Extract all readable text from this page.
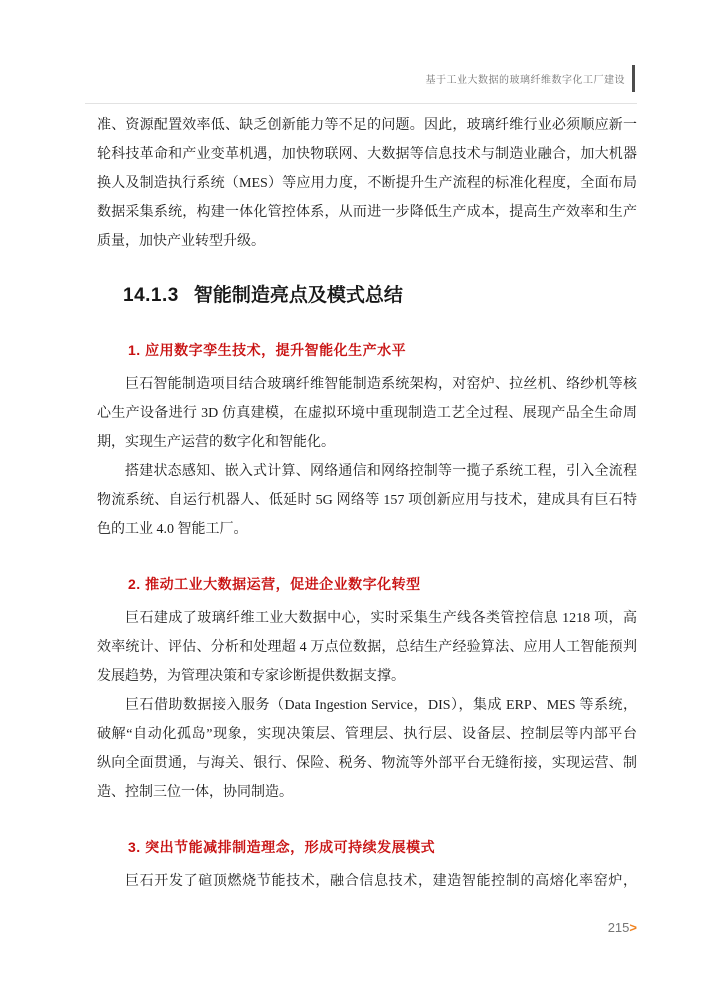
基于工业大数据的玻璃纤维数字化工厂建设
准、资源配置效率低、缺乏创新能力等不足的问题。因此，玻璃纤维行业必须顺应新一
轮科技革命和产业变革机遇，加快物联网、大数据等信息技术与制造业融合，加大机器
换人及制造执行系统（MES）等应用力度，不断提升生产流程的标准化程度，全面布局
数据采集系统，构建一体化管控体系，从而进一步降低生产成本，提高生产效率和生产
质量，加快产业转型升级。
14.1.3 智能制造亮点及模式总结
1. 应用数字孪生技术，提升智能化生产水平
巨石智能制造项目结合玻璃纤维智能制造系统架构，对窑炉、拉丝机、络纱机等核
心生产设备进行 3D 仿真建模，在虚拟环境中重现制造工艺全过程、展现产品全生命周
期，实现生产运营的数字化和智能化。
搭建状态感知、嵌入式计算、网络通信和网络控制等一揽子系统工程，引入全流程
物流系统、自运行机器人、低延时 5G 网络等 157 项创新应用与技术，建成具有巨石特
色的工业 4.0 智能工厂。
2. 推动工业大数据运营，促进企业数字化转型
巨石建成了玻璃纤维工业大数据中心，实时采集生产线各类管控信息 1218 项，高
效率统计、评估、分析和处理超 4 万点位数据，总结生产经验算法、应用人工智能预判
发展趋势，为管理决策和专家诊断提供数据支撑。
巨石借助数据接入服务（Data Ingestion Service，DIS），集成 ERP、MES 等系统，
破解“自动化孤岛”现象，实现决策层、管理层、执行层、设备层、控制层等内部平台
纵向全面贯通，与海关、银行、保险、税务、物流等外部平台无缝衔接，实现运营、制
造、控制三位一体，协同制造。
3. 突出节能减排制造理念，形成可持续发展模式
巨石开发了碹顶燃烧节能技术，融合信息技术，建造智能控制的高熔化率窑炉，
215>
